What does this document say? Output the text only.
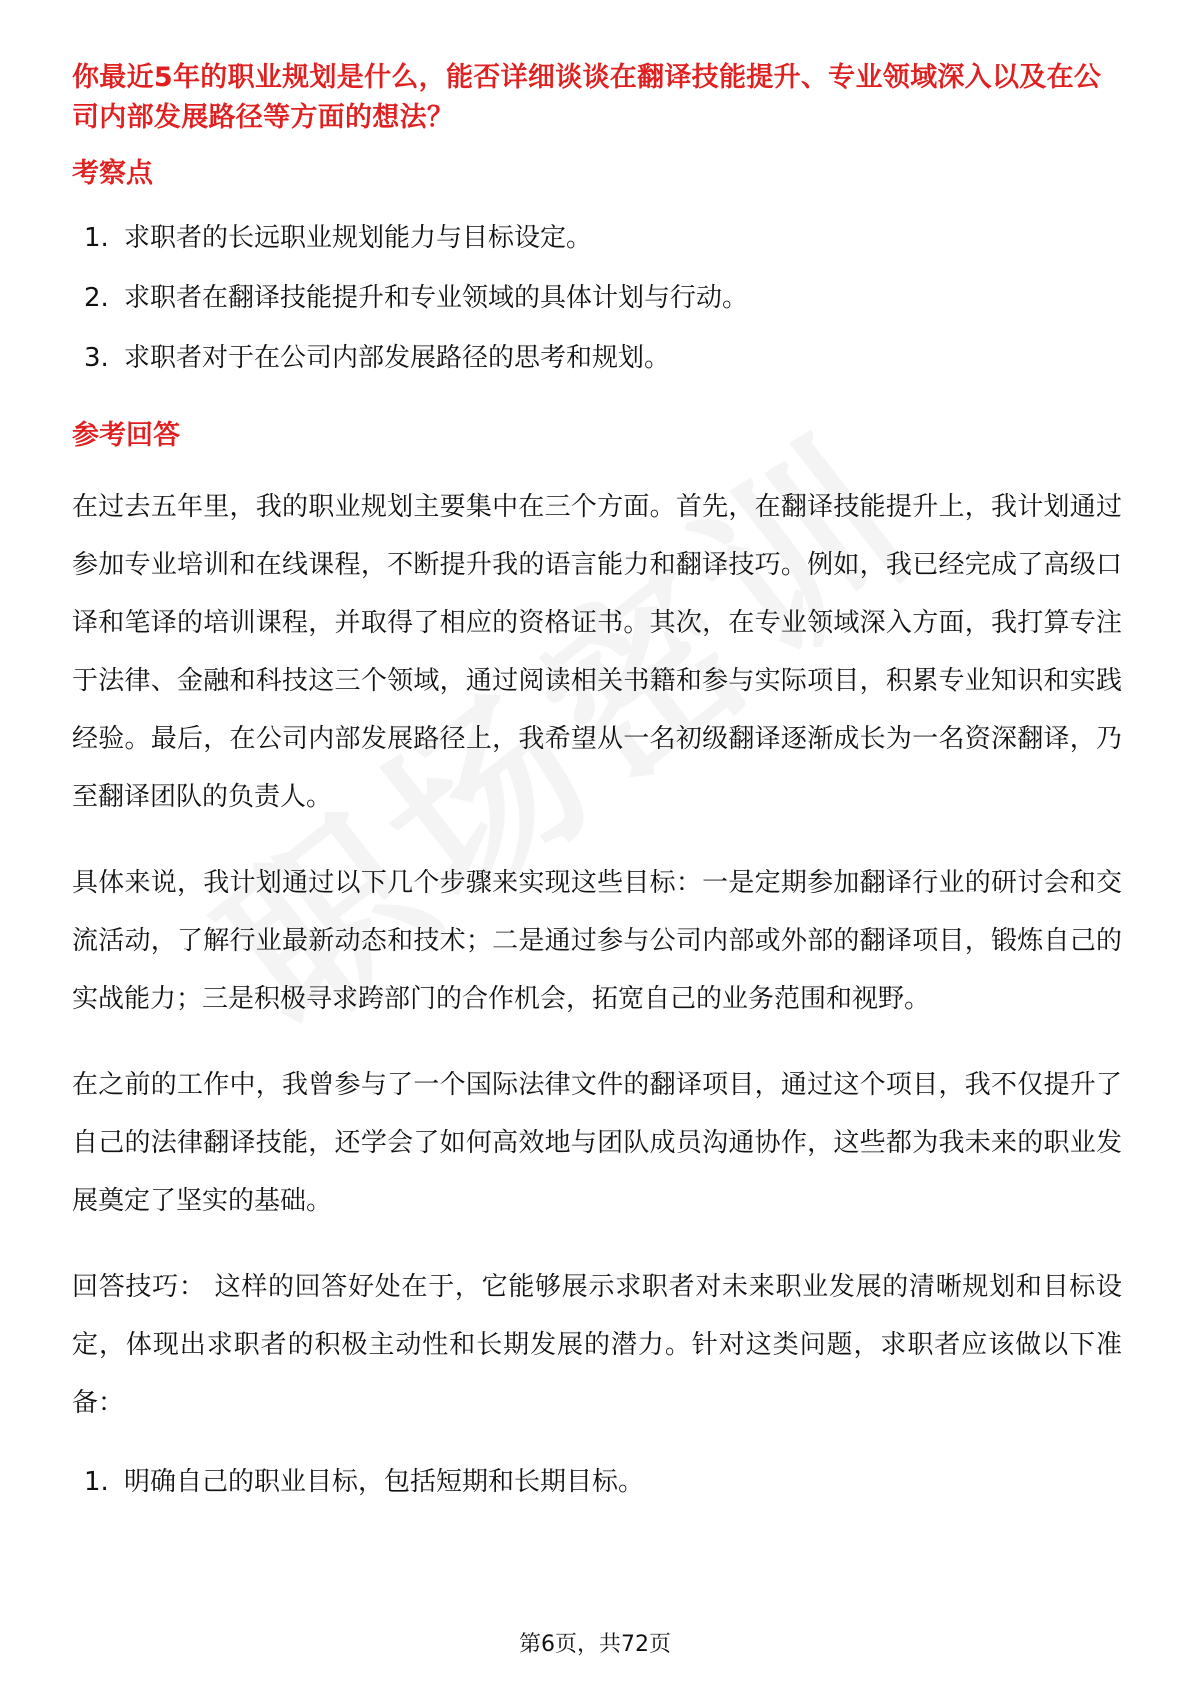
你最近5年的职业规划是什么，能否详细谈谈在翻译技能提升、专业领域深入以及在公司内部发展路径等方面的想法？

考察点

1. 求职者的长远职业规划能力与目标设定。
2. 求职者在翻译技能提升和专业领域的具体计划与行动。
3. 求职者对于在公司内部发展路径的思考和规划。

参考回答

在过去五年里，我的职业规划主要集中在三个方面。首先，在翻译技能提升上，我计划通过参加专业培训和在线课程，不断提升我的语言能力和翻译技巧。例如，我已经完成了高级口译和笔译的培训课程，并取得了相应的资格证书。其次，在专业领域深入方面，我打算专注于法律、金融和科技这三个领域，通过阅读相关书籍和参与实际项目，积累专业知识和实践经验。最后，在公司内部发展路径上，我希望从一名初级翻译逐渐成长为一名资深翻译，乃至翻译团队的负责人。

具体来说，我计划通过以下几个步骤来实现这些目标：一是定期参加翻译行业的研讨会和交流活动，了解行业最新动态和技术；二是通过参与公司内部或外部的翻译项目，锻炼自己的实战能力；三是积极寻求跨部门的合作机会，拓宽自己的业务范围和视野。

在之前的工作中，我曾参与了一个国际法律文件的翻译项目，通过这个项目，我不仅提升了自己的法律翻译技能，还学会了如何高效地与团队成员沟通协作，这些都为我未来的职业发展奠定了坚实的基础。

回答技巧： 这样的回答好处在于，它能够展示求职者对未来职业发展的清晰规划和目标设定，体现出求职者的积极主动性和长期发展的潜力。针对这类问题，求职者应该做以下准备：

1. 明确自己的职业目标，包括短期和长期目标。
第6页，共72页
